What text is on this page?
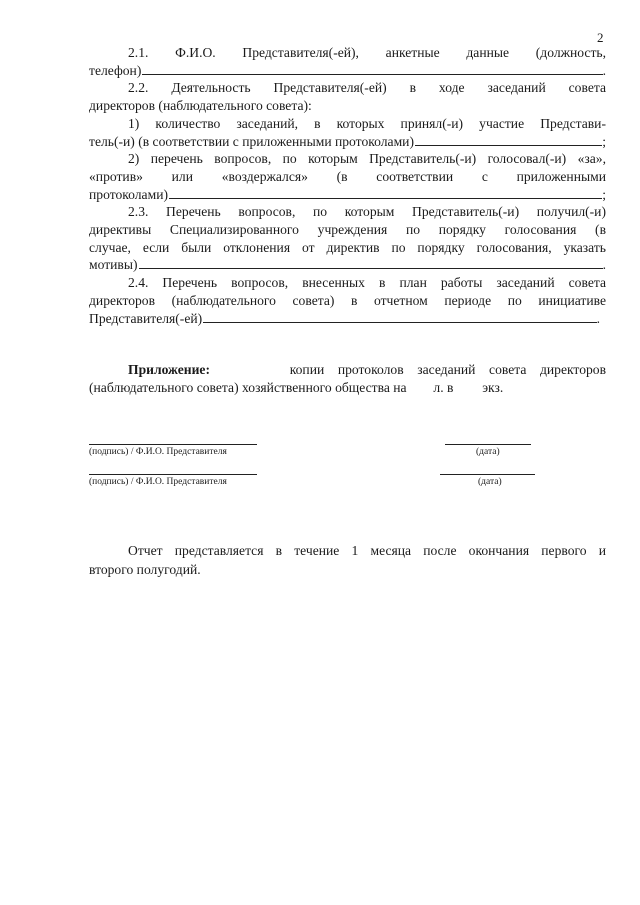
2
2.1. Ф.И.О. Представителя(-ей), анкетные данные (должность,
телефон)	.
2.2. Деятельность Представителя(-ей) в ходе заседаний совета
директоров (наблюдательного совета):
1) количество заседаний, в которых принял(-и) участие Представи-
тель(-и) (в соответствии с приложенными протоколами)	;
2) перечень вопросов, по которым Представитель(-и) голосовал(-и) «за»,
«против» или «воздержался» (в соответствии с приложенными
протоколами)	;
2.3. Перечень вопросов, по которым Представитель(-и) получил(-и)
директивы Специализированного учреждения по порядку голосования (в
случае, если были отклонения от директив по порядку голосования, указать
мотивы)	.
2.4. Перечень вопросов, внесенных в план работы заседаний совета
директоров (наблюдательного совета) в отчетном периоде по инициативе
Представителя(-ей)	.
Приложение:	копии    протоколов    заседаний    совета    директоров
(наблюдательного совета) хозяйственного общества на л. в экз.
(подпись) / Ф.И.О. Представителя	(дата)
(подпись) / Ф.И.О. Представителя	(дата)
Отчет представляется в течение 1 месяца после окончания первого и
второго полугодий.
